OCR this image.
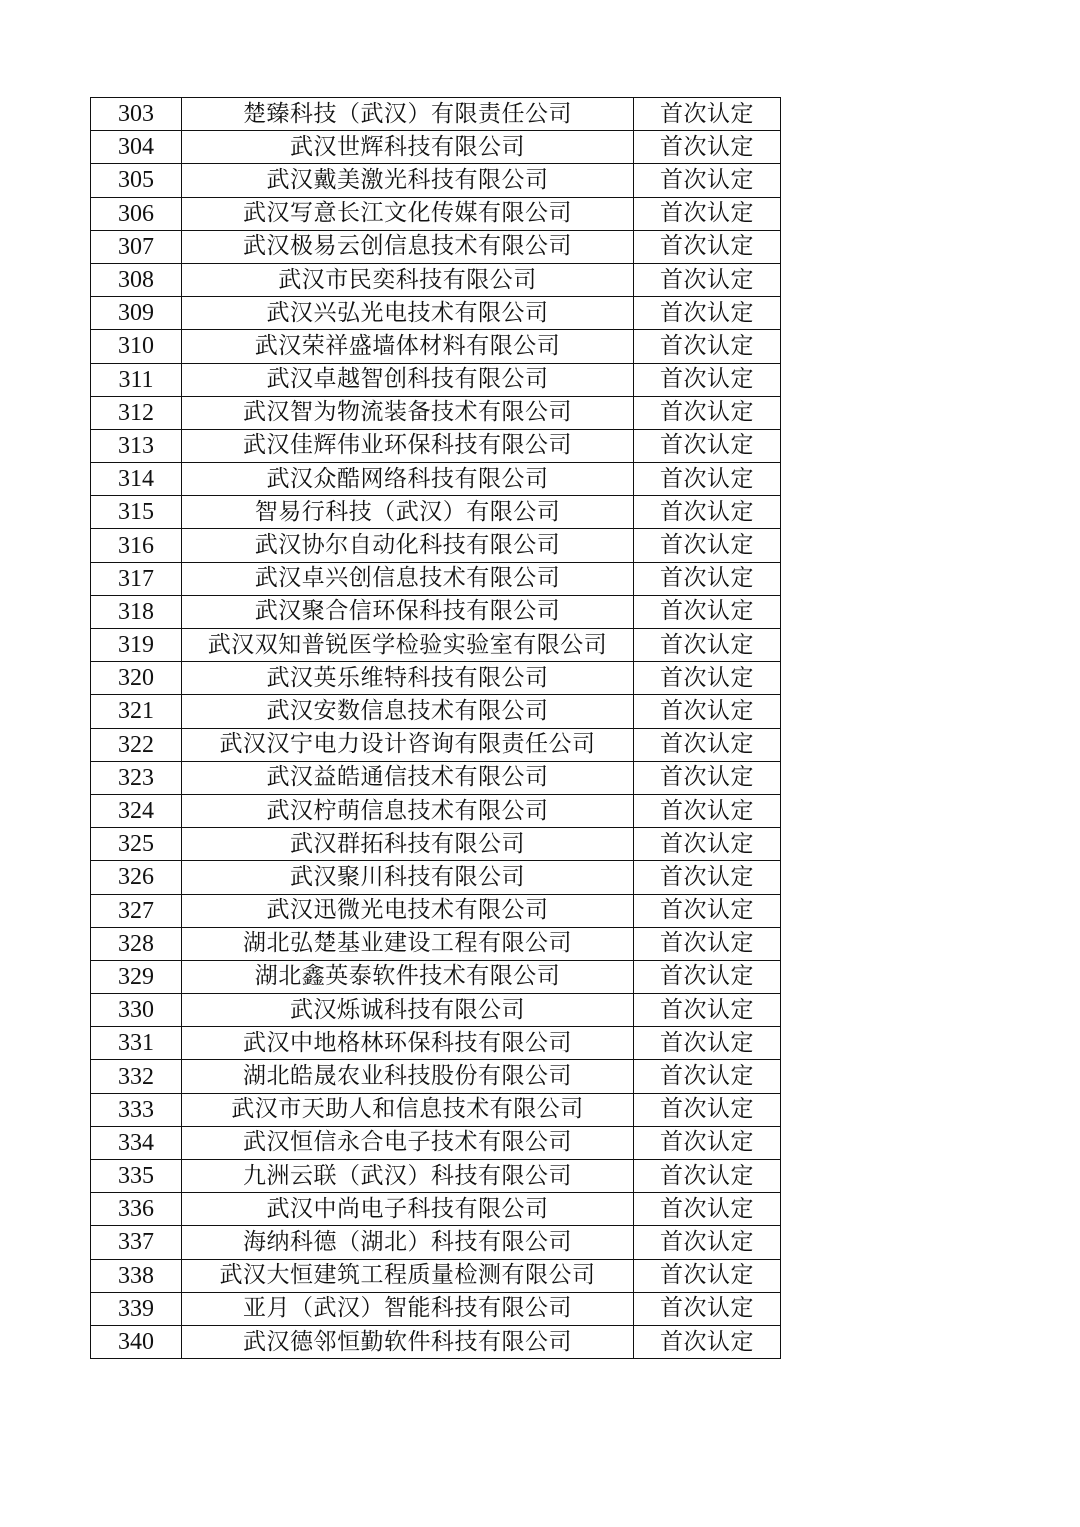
303	楚臻科技（武汉）有限责任公司	首次认定
304	武汉世辉科技有限公司	首次认定
305	武汉戴美激光科技有限公司	首次认定
306	武汉写意长江文化传媒有限公司	首次认定
307	武汉极易云创信息技术有限公司	首次认定
308	武汉市民奕科技有限公司	首次认定
309	武汉兴弘光电技术有限公司	首次认定
310	武汉荣祥盛墙体材料有限公司	首次认定
311	武汉卓越智创科技有限公司	首次认定
312	武汉智为物流装备技术有限公司	首次认定
313	武汉佳辉伟业环保科技有限公司	首次认定
314	武汉众酷网络科技有限公司	首次认定
315	智易行科技（武汉）有限公司	首次认定
316	武汉协尔自动化科技有限公司	首次认定
317	武汉卓兴创信息技术有限公司	首次认定
318	武汉聚合信环保科技有限公司	首次认定
319	武汉双知普锐医学检验实验室有限公司	首次认定
320	武汉英乐维特科技有限公司	首次认定
321	武汉安数信息技术有限公司	首次认定
322	武汉汉宁电力设计咨询有限责任公司	首次认定
323	武汉益皓通信技术有限公司	首次认定
324	武汉柠萌信息技术有限公司	首次认定
325	武汉群拓科技有限公司	首次认定
326	武汉聚川科技有限公司	首次认定
327	武汉迅微光电技术有限公司	首次认定
328	湖北弘楚基业建设工程有限公司	首次认定
329	湖北鑫英泰软件技术有限公司	首次认定
330	武汉烁诚科技有限公司	首次认定
331	武汉中地格林环保科技有限公司	首次认定
332	湖北皓晟农业科技股份有限公司	首次认定
333	武汉市天助人和信息技术有限公司	首次认定
334	武汉恒信永合电子技术有限公司	首次认定
335	九洲云联（武汉）科技有限公司	首次认定
336	武汉中尚电子科技有限公司	首次认定
337	海纳科德（湖北）科技有限公司	首次认定
338	武汉大恒建筑工程质量检测有限公司	首次认定
339	亚月（武汉）智能科技有限公司	首次认定
340	武汉德邻恒勤软件科技有限公司	首次认定
